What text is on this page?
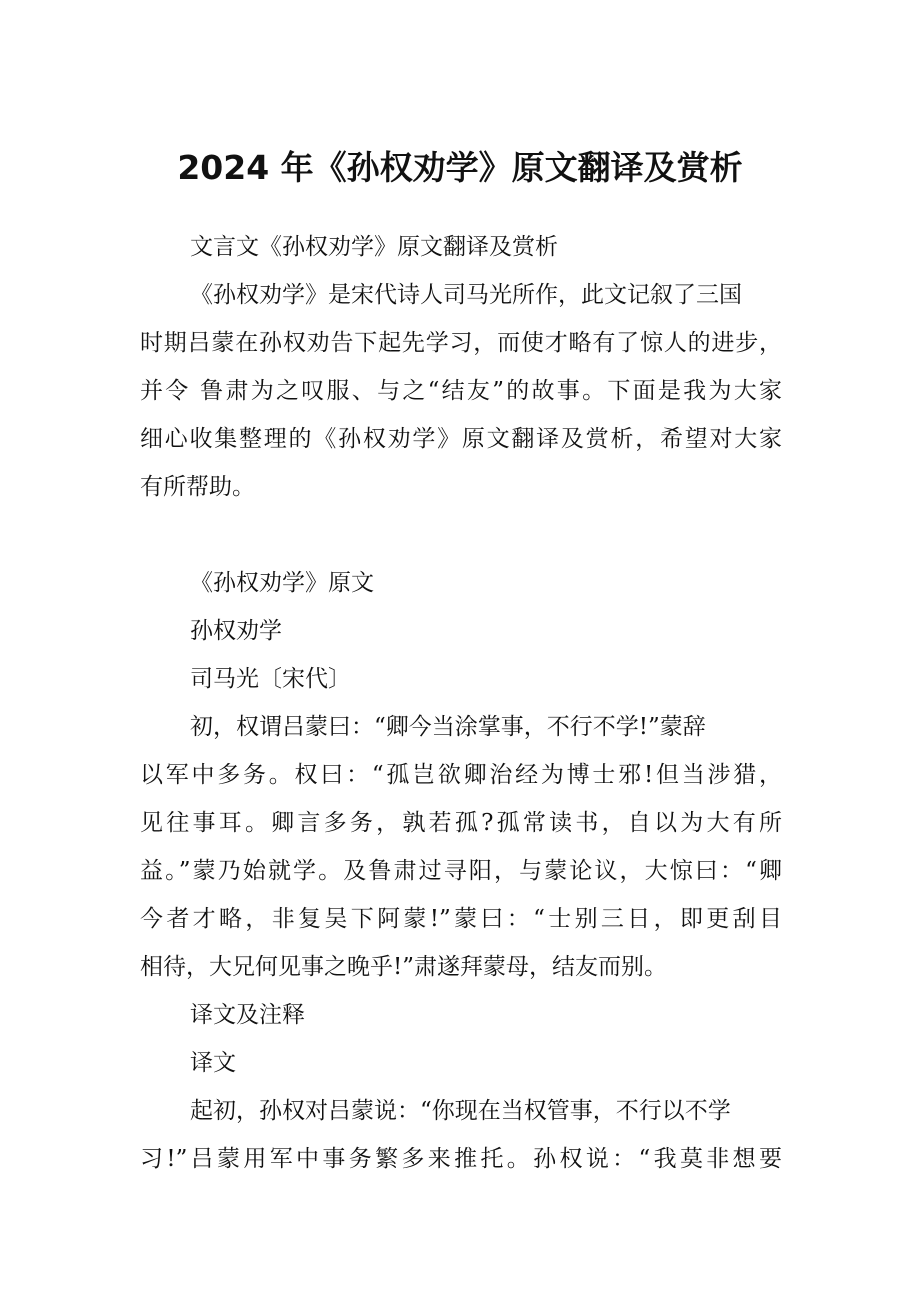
2024 年《孙权劝学》原文翻译及赏析

文言文《孙权劝学》原文翻译及赏析

《孙权劝学》是宋代诗人司马光所作，此文记叙了三国

时期吕蒙在孙权劝告下起先学习，而使才略有了惊人的进步，

并令 鲁肃为之叹服、与之“结友”的故事。下面是我为大家

细心收集整理的《孙权劝学》原文翻译及赏析，希望对大家

有所帮助。

《孙权劝学》原文

孙权劝学

司马光〔宋代〕

初，权谓吕蒙曰：“卿今当涂掌事，不行不学!”蒙辞

以军中多务。权曰：“孤岂欲卿治经为博士邪!但当涉猎，

见往事耳。卿言多务，孰若孤?孤常读书，自以为大有所

益。”蒙乃始就学。及鲁肃过寻阳，与蒙论议，大惊曰：“卿

今者才略，非复吴下阿蒙!”蒙曰：“士别三日，即更刮目

相待，大兄何见事之晚乎!”肃遂拜蒙母，结友而别。

译文及注释

译文

起初，孙权对吕蒙说：“你现在当权管事，不行以不学

习!”吕蒙用军中事务繁多来推托。孙权说：“我莫非想要
